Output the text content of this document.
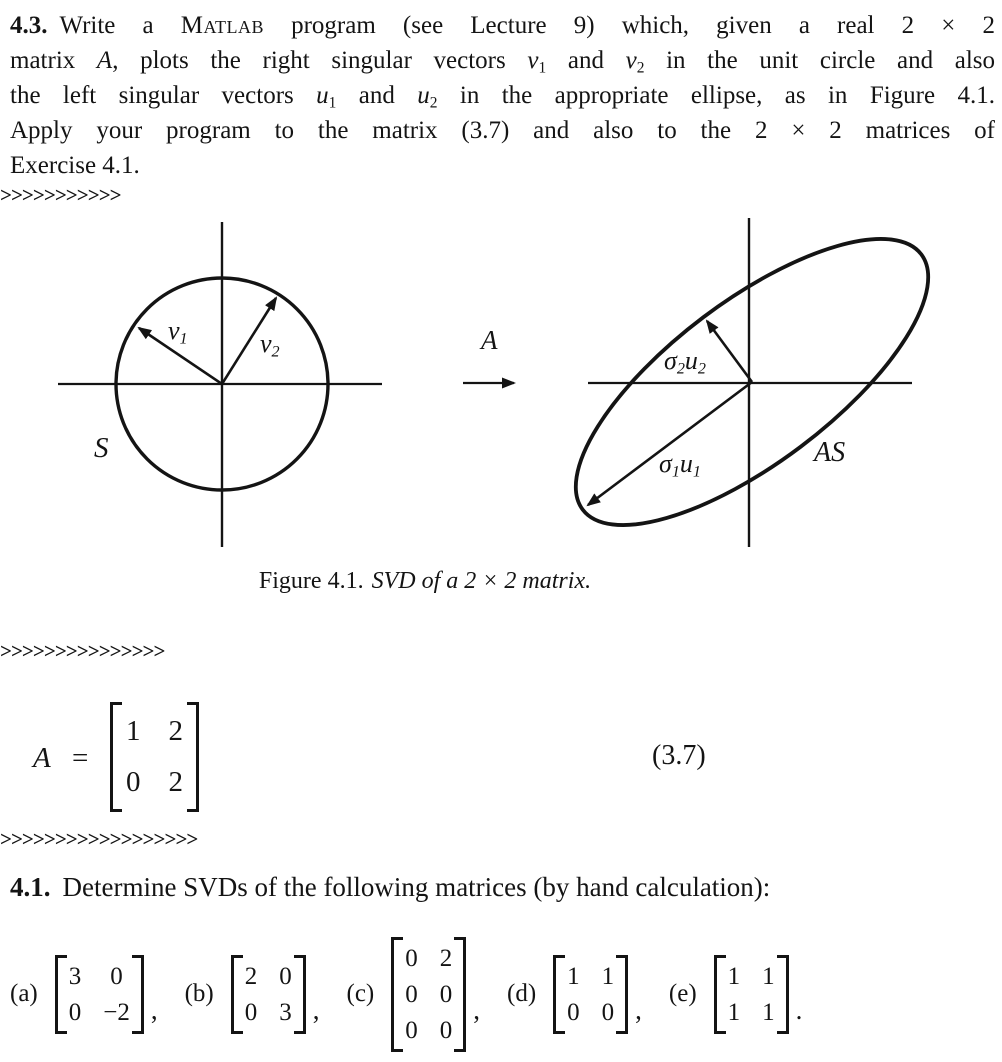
4.3. Write a Matlab program (see Lecture 9) which, given a real 2 × 2
matrix A, plots the right singular vectors $v_1$ and $v_2$ in the unit circle and also
the left singular vectors $u_1$ and $u_2$ in the appropriate ellipse, as in Figure 4.1.
Apply your program to the matrix (3.7) and also to the 2 × 2 matrices of
Exercise 4.1.
>>>>>>>>>>>
$v_1$	$v_2$
S
A
$\sigma_2u_2$
$\sigma_1u_1$
AS
Figure 4.1. SVD of a 2 × 2 matrix.
>>>>>>>>>>>>>>>
A =
1 2
0 2
(3.7)
>>>>>>>>>>>>>>>>>>
4.1. Determine SVDs of the following matrices (by hand calculation):
(a)
3 0
0 −2 ,
(b)
2 0
0 3 ,
(c)
0 2
0 0
0 0
,
(d)
1 1
0 0 ,
(e)
1 1
1 1 .
